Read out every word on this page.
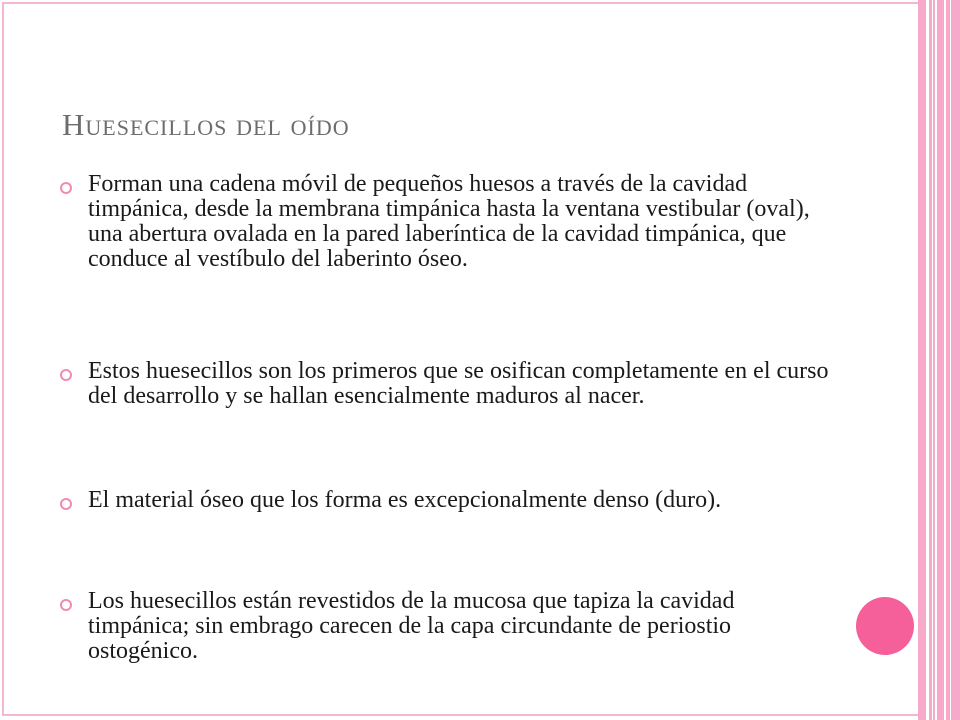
Huesecillos del oído
Forman una cadena móvil de pequeños huesos a través de la cavidad timpánica, desde la membrana timpánica hasta la ventana vestibular (oval), una abertura ovalada en la pared laberíntica de la cavidad timpánica, que conduce al vestíbulo del laberinto óseo.
Estos huesecillos son los primeros que se osifican completamente en el curso del desarrollo y se hallan esencialmente maduros al nacer.
El material óseo que los forma es excepcionalmente denso (duro).
Los huesecillos están revestidos de la mucosa que tapiza la cavidad timpánica; sin embrago carecen de la capa circundante de periostio ostogénico.
